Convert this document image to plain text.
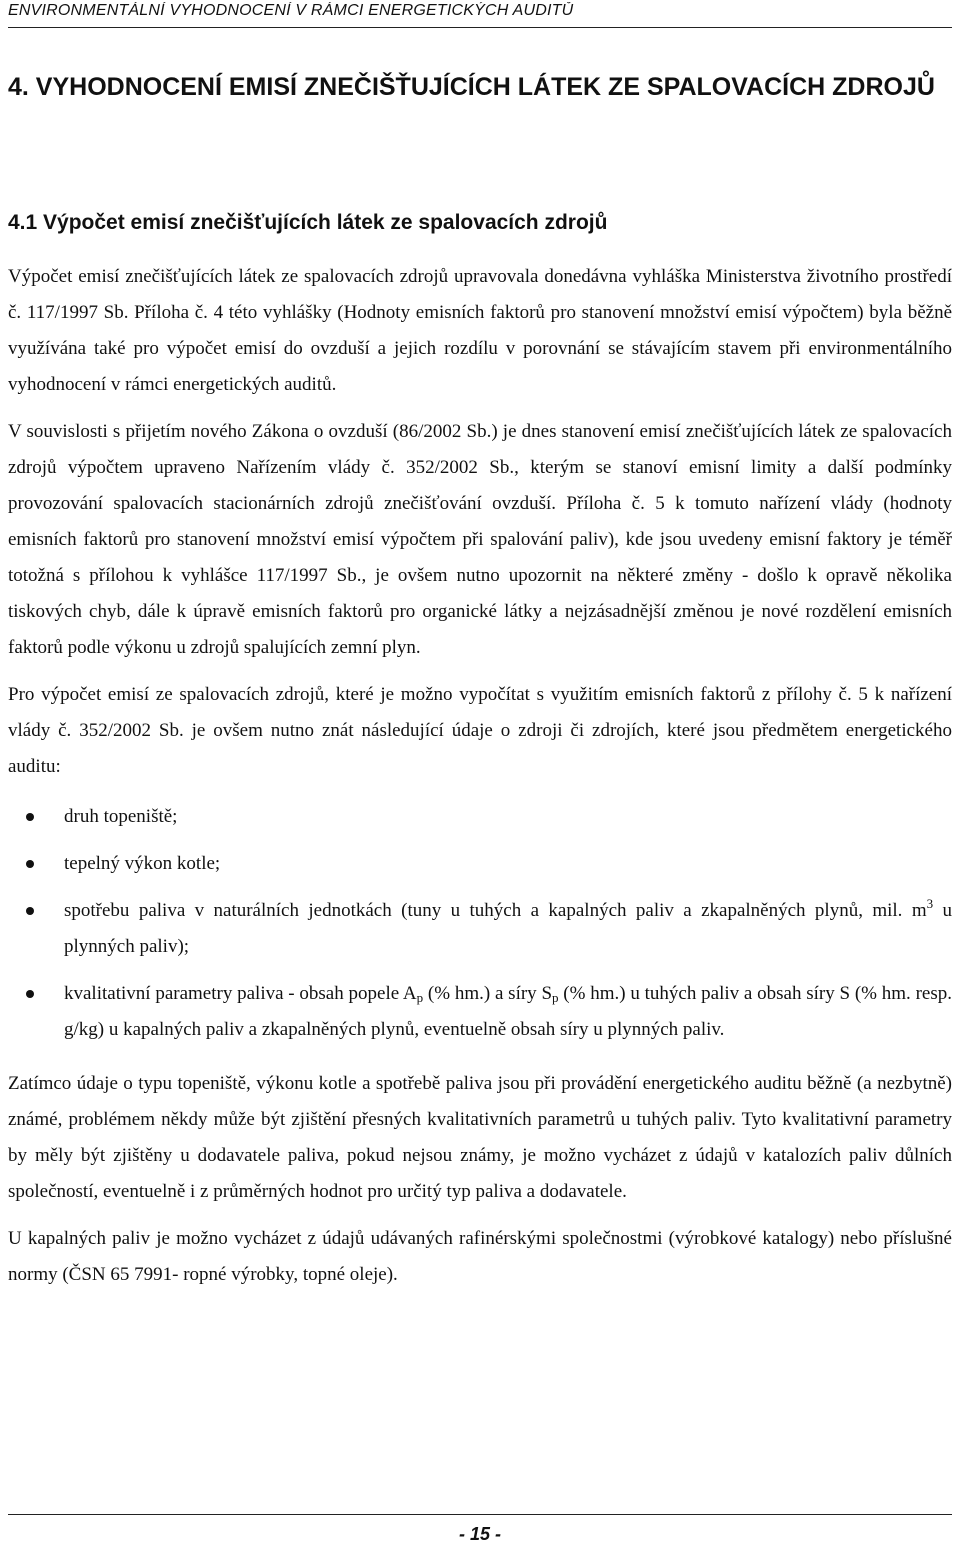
ENVIRONMENTÁLNÍ VYHODNOCENÍ V RÁMCI ENERGETICKÝCH AUDITŮ
4. VYHODNOCENÍ EMISÍ ZNEČIŠŤUJÍCÍCH LÁTEK ZE SPALOVACÍCH ZDROJŮ
4.1 Výpočet emisí znečišťujících látek ze spalovacích zdrojů

Výpočet emisí znečišťujících látek ze spalovacích zdrojů upravovala donedávna vyhláška Ministerstva životního prostředí č. 117/1997 Sb. Příloha č. 4 této vyhlášky (Hodnoty emisních faktorů pro stanovení množství emisí výpočtem) byla běžně využívána také pro výpočet emisí do ovzduší a jejich rozdílu v porovnání se stávajícím stavem při environmentálního vyhodnocení v rámci energetických auditů.

V souvislosti s přijetím nového Zákona o ovzduší (86/2002 Sb.) je dnes stanovení emisí znečišťujících látek ze spalovacích zdrojů výpočtem upraveno Nařízením vlády č. 352/2002 Sb., kterým se stanoví emisní limity a další podmínky provozování spalovacích stacionárních zdrojů znečišťování ovzduší. Příloha č. 5 k tomuto nařízení vlády (hodnoty emisních faktorů pro stanovení množství emisí výpočtem při spalování paliv), kde jsou uvedeny emisní faktory je téměř totožná s přílohou k vyhlášce 117/1997 Sb., je ovšem nutno upozornit na některé změny - došlo k opravě několika tiskových chyb, dále k úpravě emisních faktorů pro organické látky a nejzásadnější změnou je nové rozdělení emisních faktorů podle výkonu u zdrojů spalujících zemní plyn.

Pro výpočet emisí ze spalovacích zdrojů, které je možno vypočítat s využitím emisních faktorů z přílohy č. 5 k nařízení vlády č. 352/2002 Sb. je ovšem nutno znát následující údaje o zdroji či zdrojích, které jsou předmětem energetického auditu:

druh topeniště;
tepelný výkon kotle;
spotřebu paliva v naturálních jednotkách (tuny u tuhých a kapalných paliv a zkapalněných plynů, mil. $m^3$ u plynných paliv);
kvalitativní parametry paliva - obsah popele $A_p$ (% hm.) a síry $S_p$ (% hm.) u tuhých paliv a obsah síry S (% hm. resp. g/kg) u kapalných paliv a zkapalněných plynů, eventuelně obsah síry u plynných paliv.

Zatímco údaje o typu topeniště, výkonu kotle a spotřebě paliva jsou při provádění energetického auditu běžně (a nezbytně) známé, problémem někdy může být zjištění přesných kvalitativních parametrů u tuhých paliv. Tyto kvalitativní parametry by měly být zjištěny u dodavatele paliva, pokud nejsou známy, je možno vycházet z údajů v katalozích paliv důlních společností, eventuelně i z průměrných hodnot pro určitý typ paliva a dodavatele.

U kapalných paliv je možno vycházet z údajů udávaných rafinérskými společnostmi (výrobkové katalogy) nebo příslušné normy (ČSN 65 7991- ropné výrobky, topné oleje).

- 15 -
